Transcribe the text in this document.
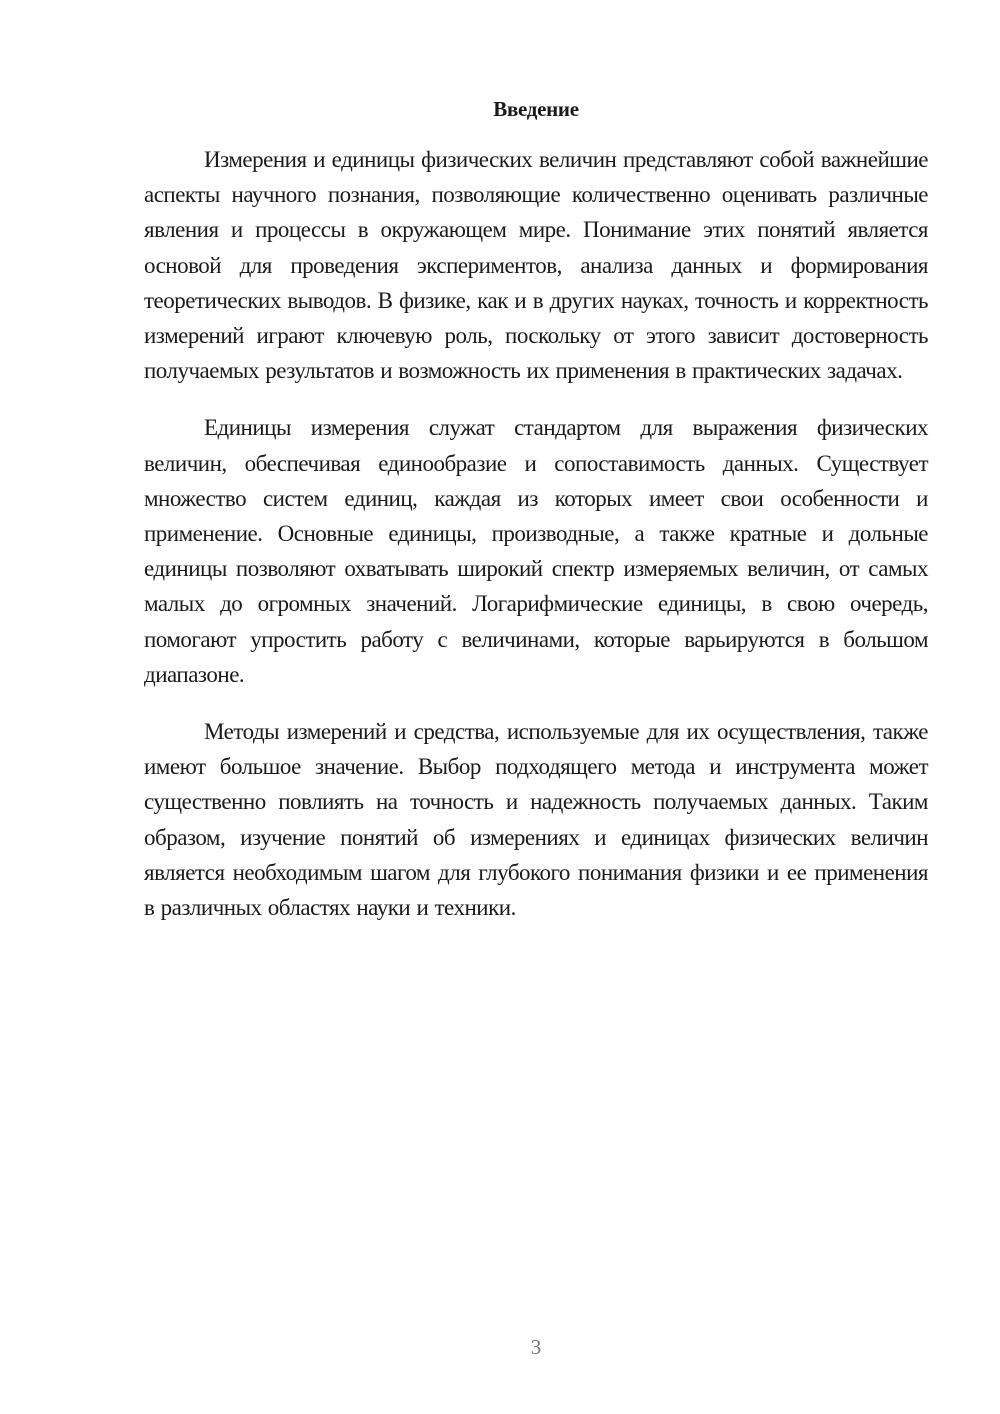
Введение

Измерения и единицы физических величин представляют собой важнейшие аспекты научного познания, позволяющие количественно оценивать различные явления и процессы в окружающем мире. Понимание этих понятий является основой для проведения экспериментов, анализа данных и формирования теоретических выводов. В физике, как и в других науках, точность и корректность измерений играют ключевую роль, поскольку от этого зависит достоверность получаемых результатов и возможность их применения в практических задачах.

Единицы измерения служат стандартом для выражения физических величин, обеспечивая единообразие и сопоставимость данных. Существует множество систем единиц, каждая из которых имеет свои особенности и применение. Основные единицы, производные, а также кратные и дольные единицы позволяют охватывать широкий спектр измеряемых величин, от самых малых до огромных значений. Логарифмические единицы, в свою очередь, помогают упростить работу с величинами, которые варьируются в большом диапазоне.

Методы измерений и средства, используемые для их осуществления, также имеют большое значение. Выбор подходящего метода и инструмента может существенно повлиять на точность и надежность получаемых данных. Таким образом, изучение понятий об измерениях и единицах физических величин является необходимым шагом для глубокого понимания физики и ее применения в различных областях науки и техники.

3
